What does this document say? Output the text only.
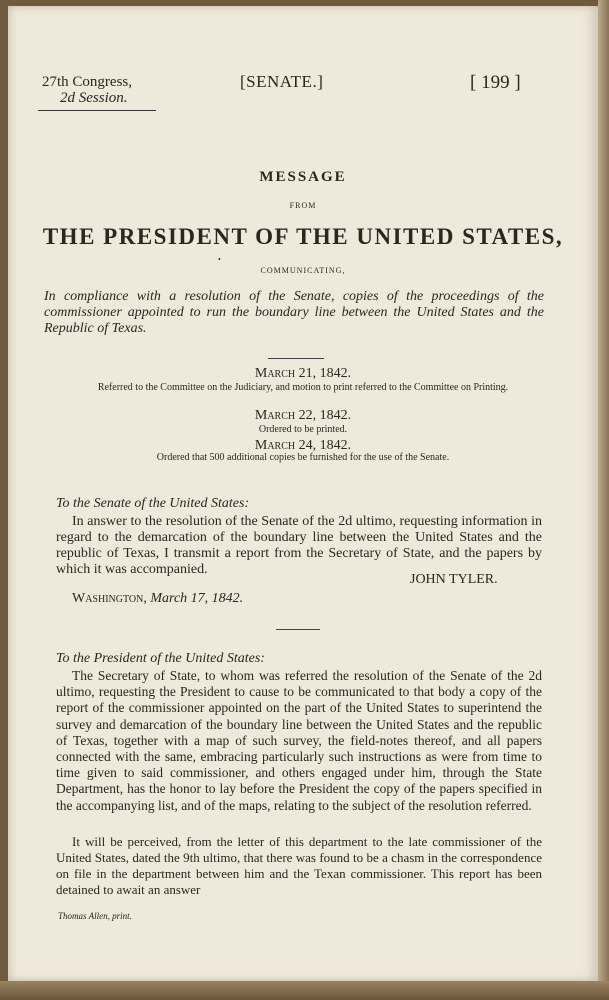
27th Congress,
2d Session.
[SENATE.]	[ 199 ]
MESSAGE
FROM
THE PRESIDENT OF THE UNITED STATES,
•
COMMUNICATING,
In compliance with a resolution of the Senate, copies of the proceedings of the commissioner appointed to run the boundary line between the United States and the Republic of Texas.
March 21, 1842.
Referred to the Committee on the Judiciary, and motion to print referred to the Committee on Printing.
March 22, 1842.
Ordered to be printed.
March 24, 1842.
Ordered that 500 additional copies be furnished for the use of the Senate.
To the Senate of the United States:
In answer to the resolution of the Senate of the 2d ultimo, requesting information in regard to the demarcation of the boundary line between the United States and the republic of Texas, I transmit a report from the Secretary of State, and the papers by which it was accompanied.
JOHN TYLER.
Washington, March 17, 1842.
To the President of the United States:
The Secretary of State, to whom was referred the resolution of the Senate of the 2d ultimo, requesting the President to cause to be communicated to that body a copy of the report of the commissioner appointed on the part of the United States to superintend the survey and demarcation of the boundary line between the United States and the republic of Texas, together with a map of such survey, the field-notes thereof, and all papers connected with the same, embracing particularly such instructions as were from time to time given to said commissioner, and others engaged under him, through the State Department, has the honor to lay before the President the copy of the papers specified in the accompanying list, and of the maps, relating to the subject of the resolution referred.
It will be perceived, from the letter of this department to the late commissioner of the United States, dated the 9th ultimo, that there was found to be a chasm in the correspondence on file in the department between him and the Texan commissioner. This report has been detained to await an answer
Thomas Allen, print.
